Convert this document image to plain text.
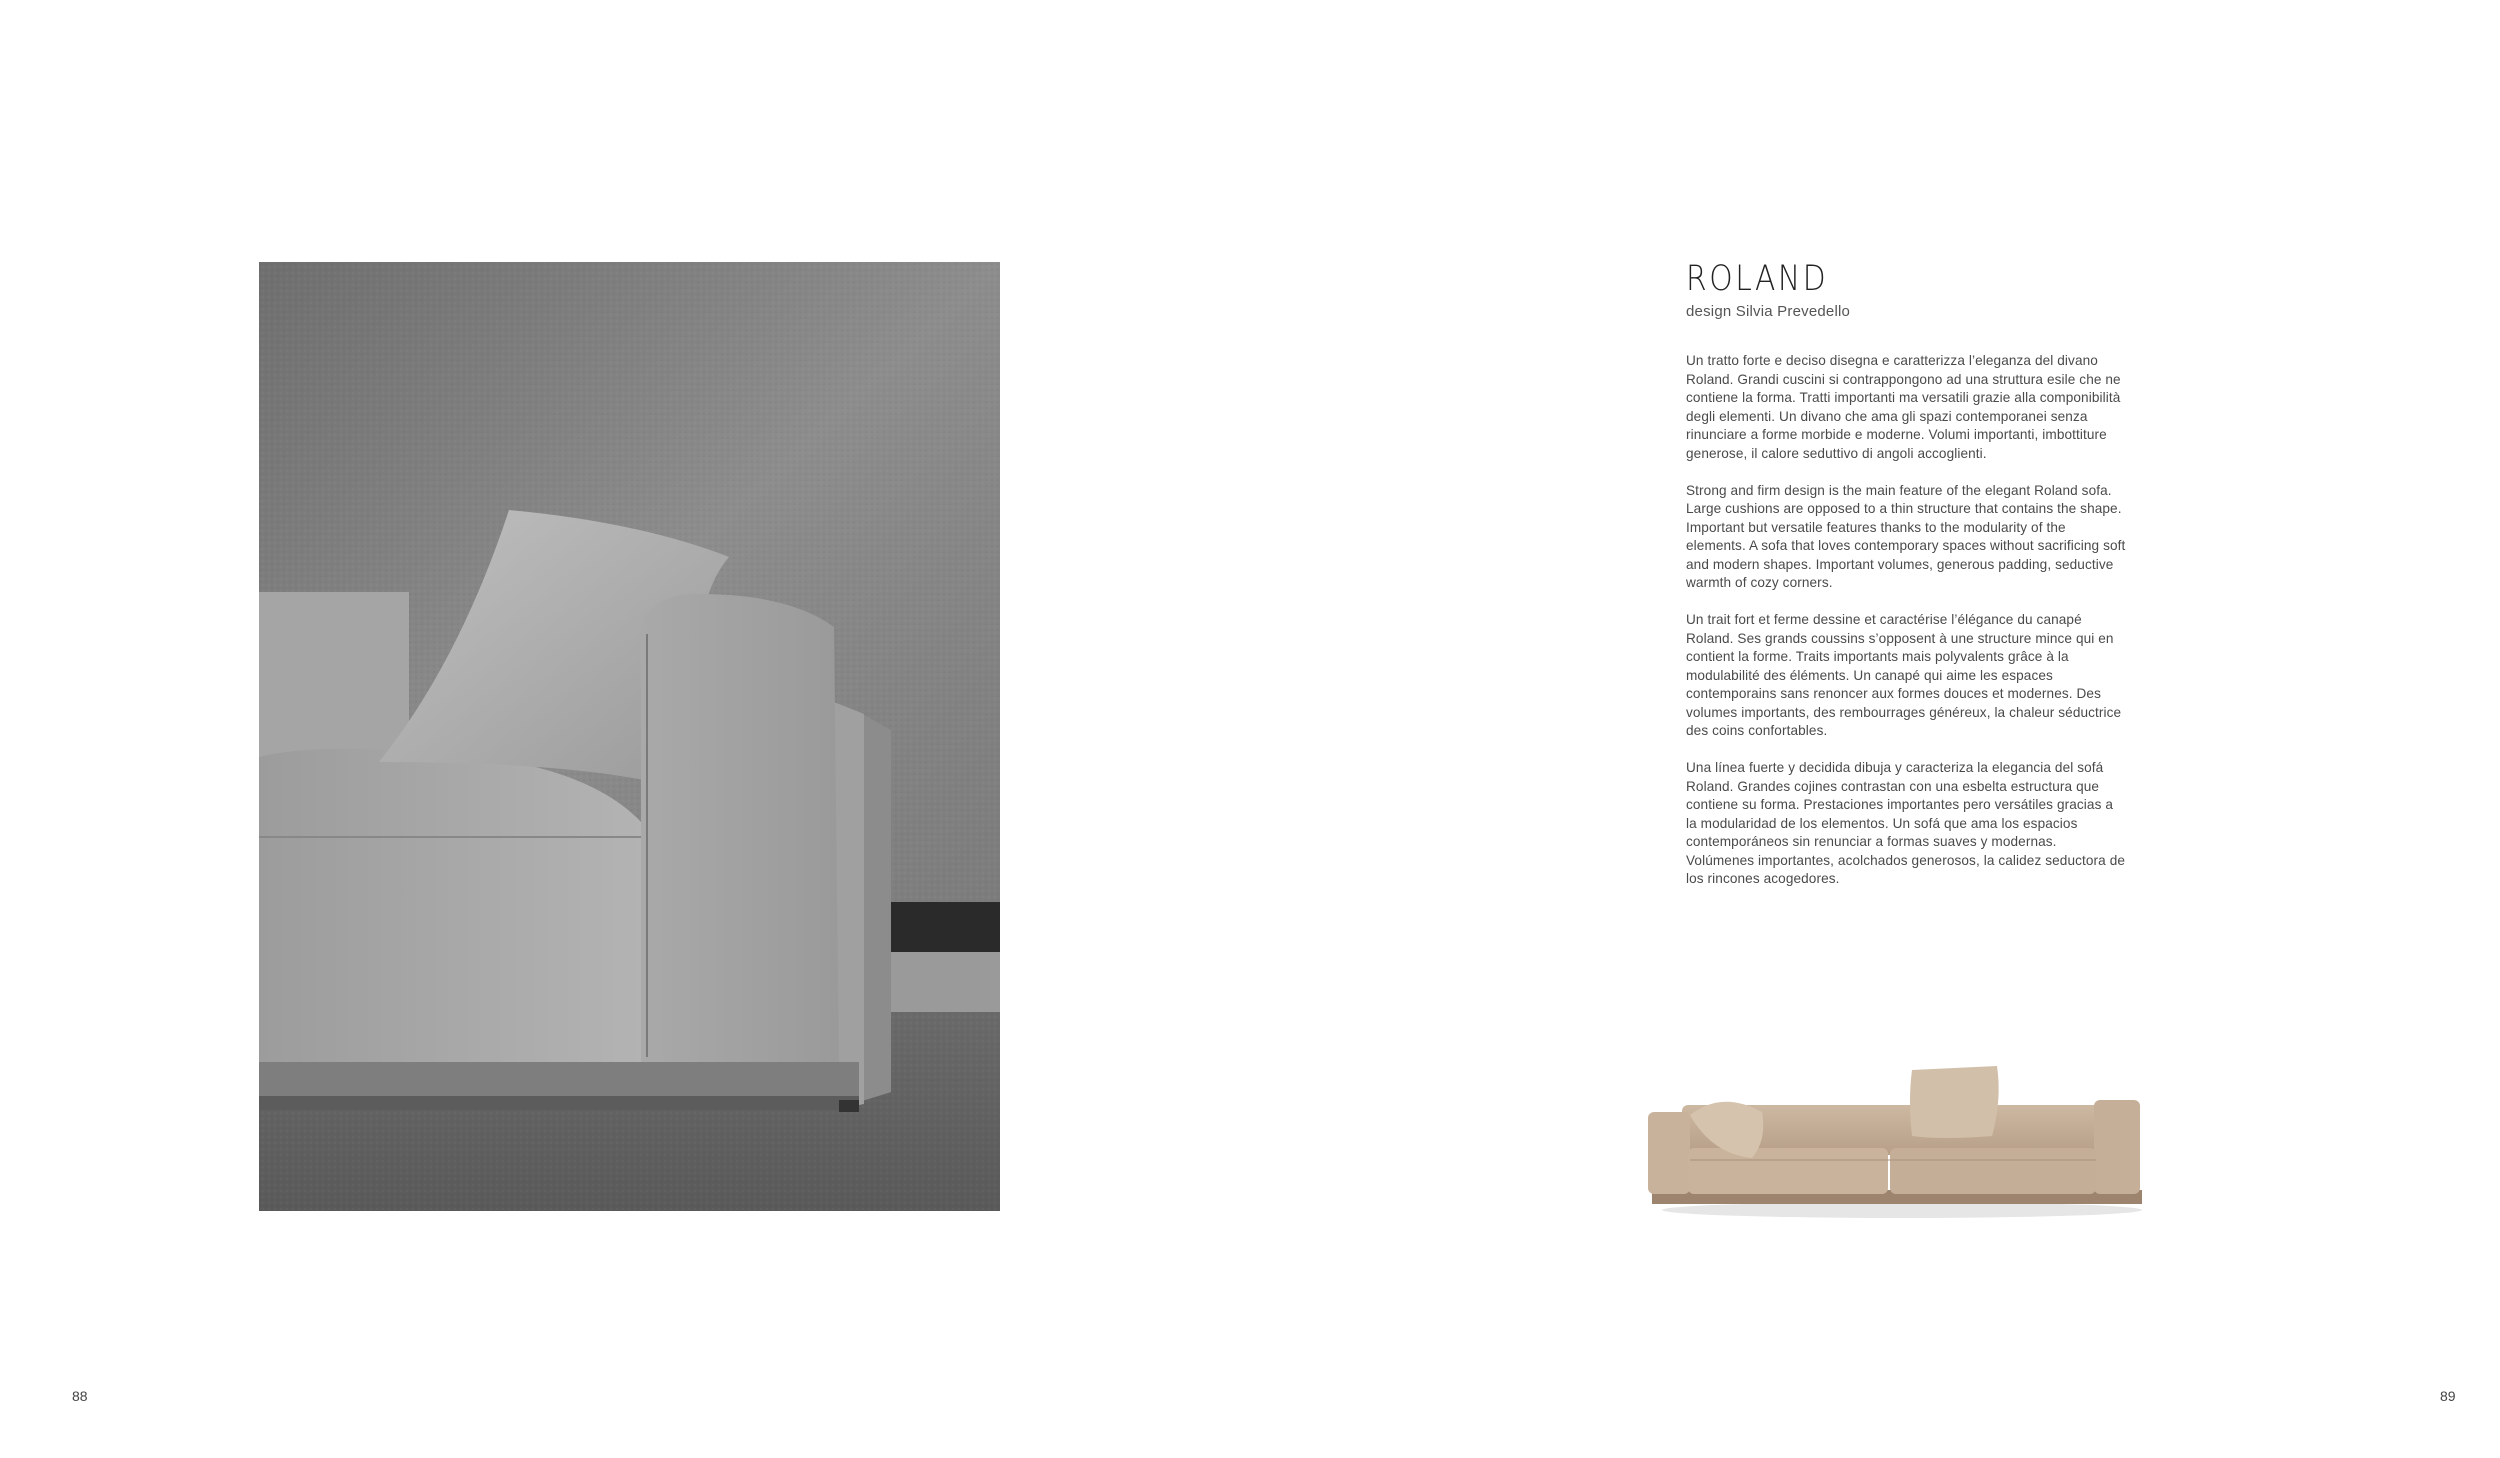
ROLAND
design Silvia Prevedello

Un tratto forte e deciso disegna e caratterizza l’eleganza del divano Roland. Grandi cuscini si contrappongono ad una struttura esile che ne contiene la forma. Tratti importanti ma versatili grazie alla componibilità degli elementi. Un divano che ama gli spazi contemporanei senza rinunciare a forme morbide e moderne. Volumi importanti, imbottiture generose, il calore seduttivo di angoli accoglienti.

Strong and firm design is the main feature of the elegant Roland sofa. Large cushions are opposed to a thin structure that contains the shape. Important but versatile features thanks to the modularity of the elements. A sofa that loves contemporary spaces without sacrificing soft and modern shapes. Important volumes, generous padding, seductive warmth of cozy corners.

Un trait fort et ferme dessine et caractérise l’élégance du canapé Roland. Ses grands coussins s’opposent à une structure mince qui en contient la forme. Traits importants mais polyvalents grâce à la modulabilité des éléments. Un canapé qui aime les espaces contemporains sans renoncer aux formes douces et modernes. Des volumes importants, des rembourrages généreux, la chaleur séductrice des coins confortables.

Una línea fuerte y decidida dibuja y caracteriza la elegancia del sofá Roland. Grandes cojines contrastan con una esbelta estructura que contiene su forma. Prestaciones importantes pero versátiles gracias a la modularidad de los elementos. Un sofá que ama los espacios contemporáneos sin renunciar a formas suaves y modernas. Volúmenes importantes, acolchados generosos, la calidez seductora de los rincones acogedores.

88	89
